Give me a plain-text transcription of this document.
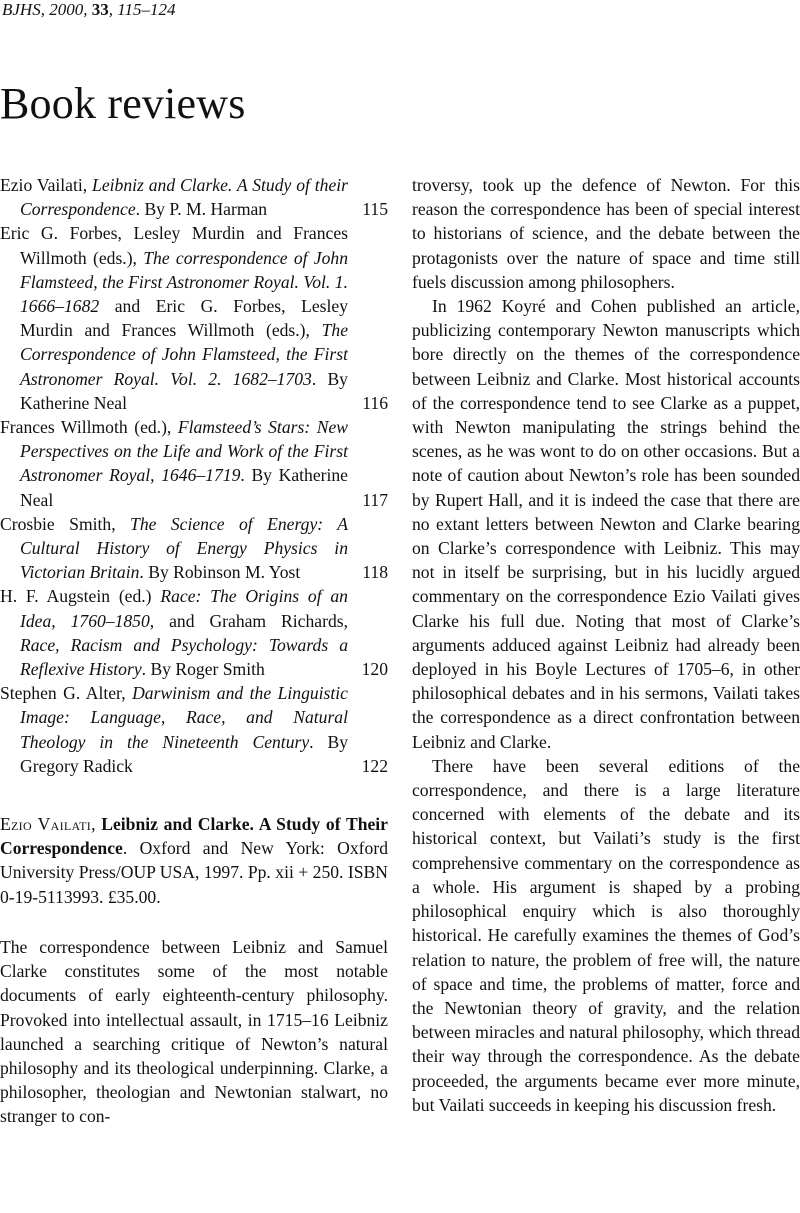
BJHS, 2000, 33, 115–124
Book reviews
Ezio Vailati, Leibniz and Clarke. A Study of their Correspondence. By P. M. Harman	115
Eric G. Forbes, Lesley Murdin and Frances Willmoth (eds.), The correspondence of John Flamsteed, the First Astronomer Royal. Vol. 1. 1666–1682 and Eric G. Forbes, Lesley Murdin and Frances Willmoth (eds.), The Correspondence of John Flamsteed, the First Astronomer Royal. Vol. 2. 1682–1703. By Katherine Neal	116
Frances Willmoth (ed.), Flamsteed’s Stars: New Perspectives on the Life and Work of the First Astronomer Royal, 1646–1719. By Katherine Neal	117
Crosbie Smith, The Science of Energy: A Cultural History of Energy Physics in Victorian Britain. By Robinson M. Yost	118
H. F. Augstein (ed.) Race: The Origins of an Idea, 1760–1850, and Graham Richards, Race, Racism and Psychology: Towards a Reflexive History. By Roger Smith	120
Stephen G. Alter, Darwinism and the Linguistic Image: Language, Race, and Natural Theology in the Nineteenth Century. By Gregory Radick	122
Ezio Vailati, Leibniz and Clarke. A Study of Their Correspondence. Oxford and New York: Oxford University Press/OUP USA, 1997. Pp. xii + 250. ISBN 0-19-5113993. £35.00.

The correspondence between Leibniz and Samuel Clarke constitutes some of the most notable documents of early eighteenth-century philosophy. Provoked into intellectual assault, in 1715–16 Leibniz launched a searching critique of Newton’s natural philosophy and its theological underpinning. Clarke, a philosopher, theologian and Newtonian stalwart, no stranger to con-

troversy, took up the defence of Newton. For this reason the correspondence has been of special interest to historians of science, and the debate between the protagonists over the nature of space and time still fuels discussion among philosophers.

In 1962 Koyré and Cohen published an article, publicizing contemporary Newton manuscripts which bore directly on the themes of the correspondence between Leibniz and Clarke. Most historical accounts of the correspondence tend to see Clarke as a puppet, with Newton manipulating the strings behind the scenes, as he was wont to do on other occasions. But a note of caution about Newton’s role has been sounded by Rupert Hall, and it is indeed the case that there are no extant letters between Newton and Clarke bearing on Clarke’s correspondence with Leibniz. This may not in itself be surprising, but in his lucidly argued commentary on the correspondence Ezio Vailati gives Clarke his full due. Noting that most of Clarke’s arguments adduced against Leibniz had already been deployed in his Boyle Lectures of 1705–6, in other philosophical debates and in his sermons, Vailati takes the correspondence as a direct confrontation between Leibniz and Clarke.

There have been several editions of the correspondence, and there is a large literature concerned with elements of the debate and its historical context, but Vailati’s study is the first comprehensive commentary on the correspondence as a whole. His argument is shaped by a probing philosophical enquiry which is also thoroughly historical. He carefully examines the themes of God’s relation to nature, the problem of free will, the nature of space and time, the problems of matter, force and the Newtonian theory of gravity, and the relation between miracles and natural philosophy, which thread their way through the correspondence. As the debate proceeded, the arguments became ever more minute, but Vailati succeeds in keeping his discussion fresh.
